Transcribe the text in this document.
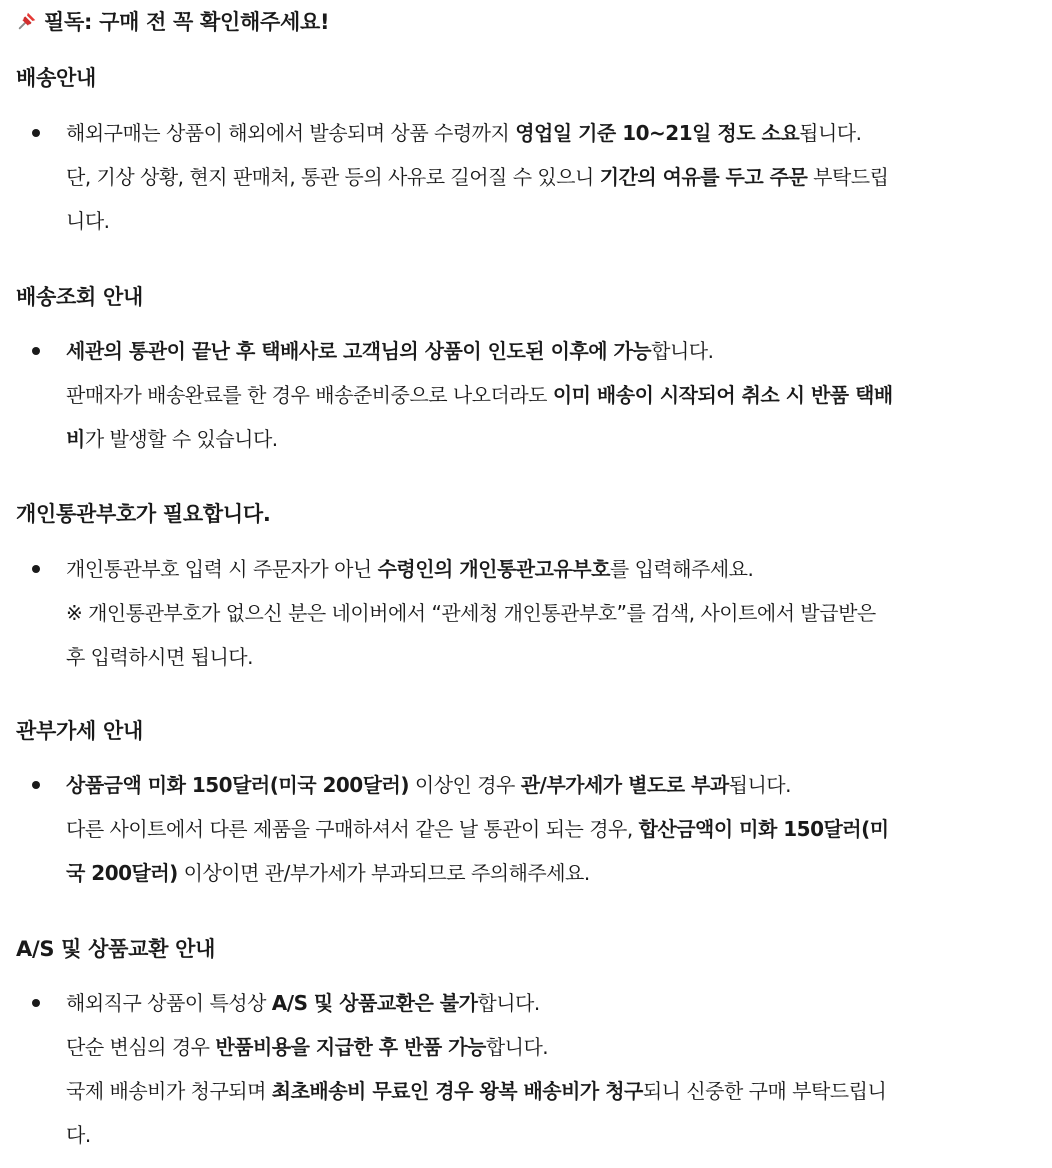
필독: 구매 전 꼭 확인해주세요!
배송안내
해외구매는 상품이 해외에서 발송되며 상품 수령까지 영업일 기준 10~21일 정도 소요됩니다.
단, 기상 상황, 현지 판매처, 통관 등의 사유로 길어질 수 있으니 기간의 여유를 두고 주문 부탁드립
니다.
배송조회 안내
세관의 통관이 끝난 후 택배사로 고객님의 상품이 인도된 이후에 가능합니다.
판매자가 배송완료를 한 경우 배송준비중으로 나오더라도 이미 배송이 시작되어 취소 시 반품 택배
비가 발생할 수 있습니다.
개인통관부호가 필요합니다.
개인통관부호 입력 시 주문자가 아닌 수령인의 개인통관고유부호를 입력해주세요.
※ 개인통관부호가 없으신 분은 네이버에서 “관세청 개인통관부호”를 검색, 사이트에서 발급받은
후 입력하시면 됩니다.
관부가세 안내
상품금액 미화 150달러(미국 200달러) 이상인 경우 관/부가세가 별도로 부과됩니다.
다른 사이트에서 다른 제품을 구매하셔서 같은 날 통관이 되는 경우, 합산금액이 미화 150달러(미
국 200달러) 이상이면 관/부가세가 부과되므로 주의해주세요.
A/S 및 상품교환 안내
해외직구 상품이 특성상 A/S 및 상품교환은 불가합니다.
단순 변심의 경우 반품비용을 지급한 후 반품 가능합니다.
국제 배송비가 청구되며 최초배송비 무료인 경우 왕복 배송비가 청구되니 신중한 구매 부탁드립니
다.
